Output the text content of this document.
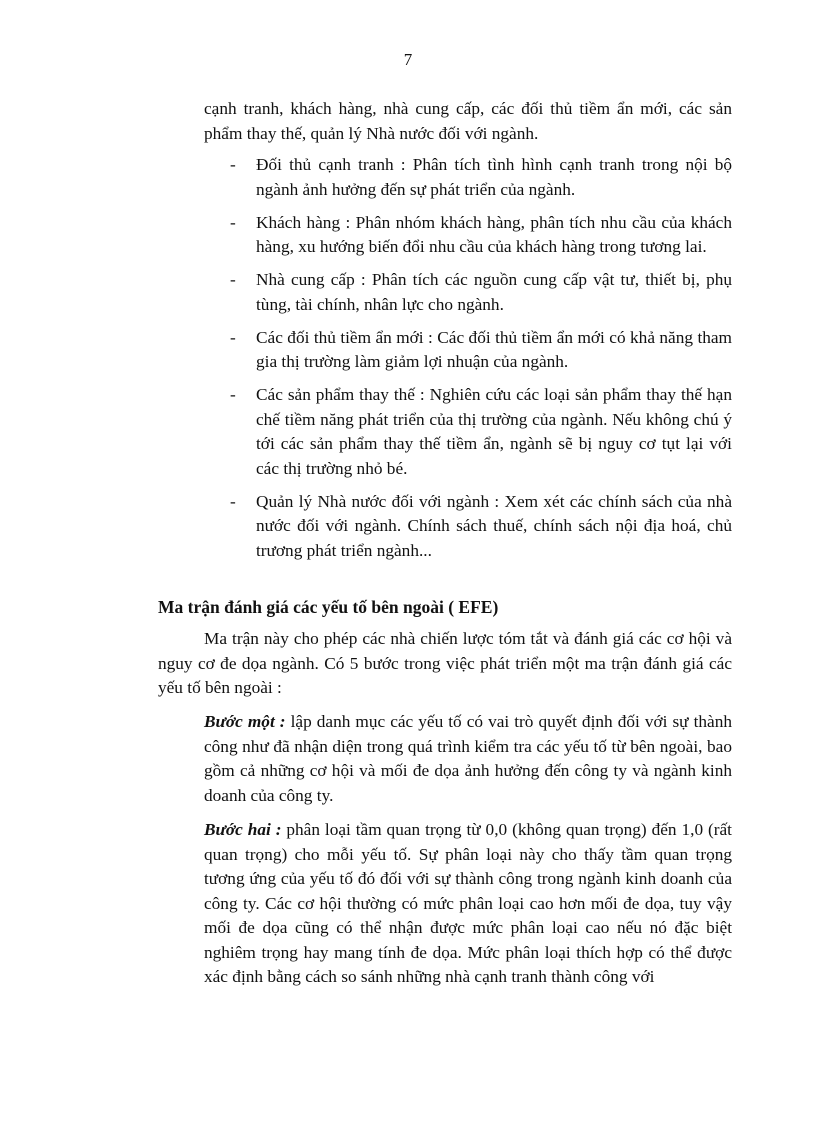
7
cạnh tranh, khách hàng, nhà cung cấp, các đối thủ tiềm ẩn mới, các sản phẩm thay thế, quản lý Nhà nước đối với ngành.
- Đối thủ cạnh tranh : Phân tích tình hình cạnh tranh trong nội bộ ngành ảnh hưởng đến sự phát triển của ngành.
- Khách hàng : Phân nhóm khách hàng, phân tích nhu cầu của khách hàng, xu hướng biến đổi nhu cầu của khách hàng trong tương lai.
- Nhà cung cấp : Phân tích các nguồn cung cấp vật tư, thiết bị, phụ tùng, tài chính, nhân lực cho ngành.
- Các đối thủ tiềm ẩn mới : Các đối thủ tiềm ẩn mới có khả năng tham gia thị trường làm giảm lợi nhuận của ngành.
- Các sản phẩm thay thế : Nghiên cứu các loại sản phẩm thay thế hạn chế tiềm năng phát triển của thị trường của ngành. Nếu không chú ý tới các sản phẩm thay thế tiềm ẩn, ngành sẽ bị nguy cơ tụt lại với các thị trường nhỏ bé.
- Quản lý Nhà nước đối với ngành : Xem xét các chính sách của nhà nước đối với ngành. Chính sách thuế, chính sách nội địa hoá, chủ trương phát triển ngành...
Ma trận đánh giá các yếu tố bên ngoài ( EFE)
Ma trận này cho phép các nhà chiến lược tóm tắt và đánh giá các cơ hội và nguy cơ đe dọa ngành. Có 5 bước trong việc phát triển một ma trận đánh giá các yếu tố bên ngoài :
Bước một : lập danh mục các yếu tố có vai trò quyết định đối với sự thành công như đã nhận diện trong quá trình kiểm tra các yếu tố từ bên ngoài, bao gồm cả những cơ hội và mối đe dọa ảnh hưởng đến công ty và ngành kinh doanh của công ty.
Bước hai : phân loại tầm quan trọng từ 0,0 (không quan trọng) đến 1,0 (rất quan trọng) cho mỗi yếu tố. Sự phân loại này cho thấy tầm quan trọng tương ứng của yếu tố đó đối với sự thành công trong ngành kinh doanh của công ty. Các cơ hội thường có mức phân loại cao hơn mối đe dọa, tuy vậy mối đe dọa cũng có thể nhận được mức phân loại cao nếu nó đặc biệt nghiêm trọng hay mang tính đe dọa. Mức phân loại thích hợp có thể được xác định bằng cách so sánh những nhà cạnh tranh thành công với
